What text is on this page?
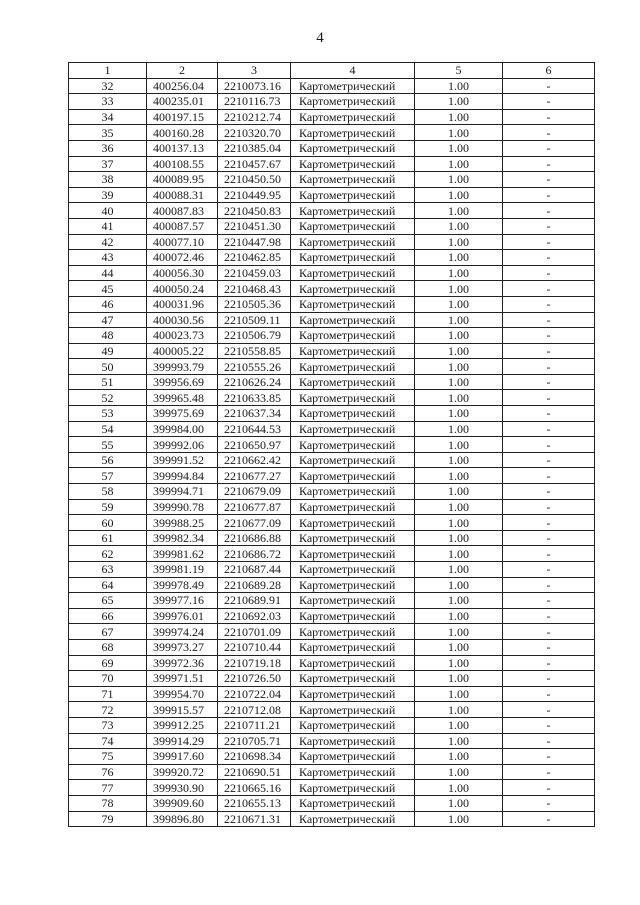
4
1	2	3	4	5	6
32	400256.04	2210073.16	Картометрический	1.00	-
33	400235.01	2210116.73	Картометрический	1.00	-
34	400197.15	2210212.74	Картометрический	1.00	-
35	400160.28	2210320.70	Картометрический	1.00	-
36	400137.13	2210385.04	Картометрический	1.00	-
37	400108.55	2210457.67	Картометрический	1.00	-
38	400089.95	2210450.50	Картометрический	1.00	-
39	400088.31	2210449.95	Картометрический	1.00	-
40	400087.83	2210450.83	Картометрический	1.00	-
41	400087.57	2210451.30	Картометрический	1.00	-
42	400077.10	2210447.98	Картометрический	1.00	-
43	400072.46	2210462.85	Картометрический	1.00	-
44	400056.30	2210459.03	Картометрический	1.00	-
45	400050.24	2210468.43	Картометрический	1.00	-
46	400031.96	2210505.36	Картометрический	1.00	-
47	400030.56	2210509.11	Картометрический	1.00	-
48	400023.73	2210506.79	Картометрический	1.00	-
49	400005.22	2210558.85	Картометрический	1.00	-
50	399993.79	2210555.26	Картометрический	1.00	-
51	399956.69	2210626.24	Картометрический	1.00	-
52	399965.48	2210633.85	Картометрический	1.00	-
53	399975.69	2210637.34	Картометрический	1.00	-
54	399984.00	2210644.53	Картометрический	1.00	-
55	399992.06	2210650.97	Картометрический	1.00	-
56	399991.52	2210662.42	Картометрический	1.00	-
57	399994.84	2210677.27	Картометрический	1.00	-
58	399994.71	2210679.09	Картометрический	1.00	-
59	399990.78	2210677.87	Картометрический	1.00	-
60	399988.25	2210677.09	Картометрический	1.00	-
61	399982.34	2210686.88	Картометрический	1.00	-
62	399981.62	2210686.72	Картометрический	1.00	-
63	399981.19	2210687.44	Картометрический	1.00	-
64	399978.49	2210689.28	Картометрический	1.00	-
65	399977.16	2210689.91	Картометрический	1.00	-
66	399976.01	2210692.03	Картометрический	1.00	-
67	399974.24	2210701.09	Картометрический	1.00	-
68	399973.27	2210710.44	Картометрический	1.00	-
69	399972.36	2210719.18	Картометрический	1.00	-
70	399971.51	2210726.50	Картометрический	1.00	-
71	399954.70	2210722.04	Картометрический	1.00	-
72	399915.57	2210712.08	Картометрический	1.00	-
73	399912.25	2210711.21	Картометрический	1.00	-
74	399914.29	2210705.71	Картометрический	1.00	-
75	399917.60	2210698.34	Картометрический	1.00	-
76	399920.72	2210690.51	Картометрический	1.00	-
77	399930.90	2210665.16	Картометрический	1.00	-
78	399909.60	2210655.13	Картометрический	1.00	-
79	399896.80	2210671.31	Картометрический	1.00	-
